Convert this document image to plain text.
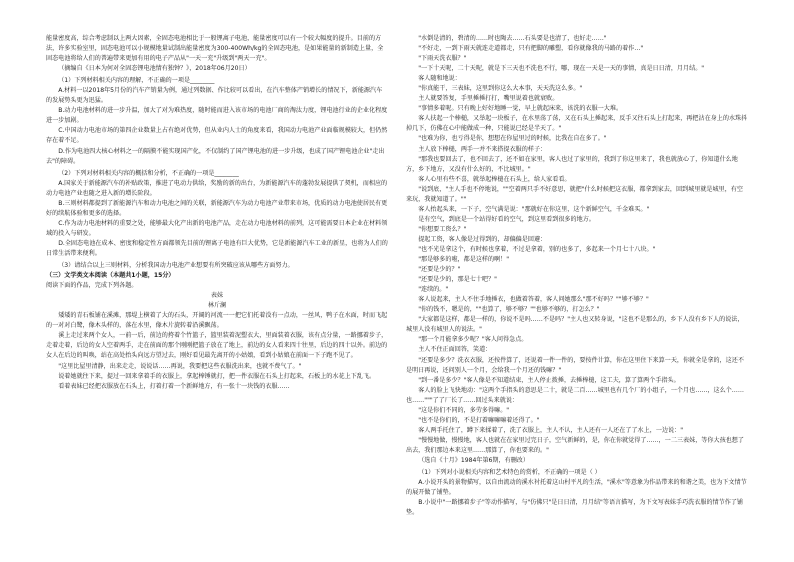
能量密度高，综合考虑制以上两大因素，全固态电池相比于一般锂离子电池，能量密度可以有一个较大幅度的提升。目前的方法，许多实验室里，固态电池可以小规模地量试制出能量密度为300-400Wh/kg的全固态电池，是如果能量的新制造上量，全固态电池将给人们的普遍带来更加有用的电子产品从"一天一充"升级到"两天一充"。

（摘编自《日本为何对全固态锂电池情有独钟？》，2018年06月20日）

（1）下列材料相关内容的理解，不正确的一项是________

A.材料一以2018年5月份的汽车产销量为例，通过列数据、作比较可以看出，在汽车整体产销增长的情况下，新能源汽车的发展势头更为迅猛。

B.动力电池材料的进一步升温，加大了对为难热度，随时能而进入该市场的电池厂商的淘汰力度，锂电池行业的企业化程度进一步加剧。

C.中国动力电池市场的第四企业数量上占有绝对优势，但从业内人士的角度来看，我国动力电池产业面临规模较大，但仍然存在着不足。

D.作为电池四大核心材料之一的隔膜不能实现国产化，不仅制约了国产锂电池的进一步升级，也成了国产锂电池企业"走出去"的障碍。

（2）下列对材料相关内容的概括和分析，不正确的一项是________

A.国家关于新能源汽车的补贴政策，推进了电动力供给，奖励的新的出台，为新能源汽车的蓬勃发展提供了契机，而相应的动力电池产业也随之进入新的增长阶段。

B.三则材料都提到了新能源汽车和动力电池之间的关联，新能源汽车为动力电池产业带来市场，优质的动力电池使居民有更好的续航体验和更多的选择。

C.作为动力电池材料的重要之处，能够最大化产出新的电池产品，走在动力电池材料的前列，这可能需要日本企业在材料领域的投入与研发。

D.全固态电池在成本、密度和稳定性方面都领先目前的锂离子电池有巨大优势，它是新能源汽车工业的新星，也将为人们的日常生活带来便利。

（3）请结合以上三则材料，分析我国动力电池产业想要有所突破应该从哪些方面努力。

（三）文学类文本阅读（本题共1小题，15分）

阅读下面的作品，完成下列各题。

表妹

林斤澜

矮矮的青石板铺在溪滩，那堤上横着了大的石头，开阔的河流一一把它们托着没有一点动，一丝风，鸭子在水面，时而飞起的一对对白鹭，像木头样的，落在水里，像木片旋转着沿溪飘荡。

溪上走过来两个女人，一前一后，前边的挎着个竹篮子，篮里装着泥塑衣大，里面装着衣服，该有点分量，一路挪着步子，走着走着，后边的女人空着两手，走在前面的那个刚刚把篮子放在了地上，前边的女人看来四十往里，后边的四十以外。前边的女人在后边的叫唤，站在高处抬头向远方望过去，刚好看见最先离开的小姑娘，看到小姑娘在前面一下子跑不见了。

"这里比屋里清静，出来走走，说说话……再说，我要把这些衣服洗出来，也就不费气了。"

说着她就往下来，提过一回来拿着手的衣服上，拿起棒锤就打，把一件衣服在石头上打起来，石板上的水花上下乱飞。

看着表妹已经把衣服放在石头上，打着打着一个新鲜地方，有一张十一块钱的衣服……

"水倒是清的，碧清的……时也陶去……石头要是也清了，也好走……"

"不好走，一到下雨天就连走道都走，只有把脚的雕塑，看你就像我的马路的着作…"

"下雨天洗衣服？"

"一下十天呢，二十天呢，就是下三天也不洗也不行，哪，现在一天是一天的事情，真是日日清，月月结。"

客人随和地说：

"你真能干，三表妹，这里到你这么大本事，天天洗这么多。"

主人就要答复，手里捶捶打打，嘴里说着也就衰败。

"事情多着呢。只有晚上好好地睡一觉，早上就起床来，该洗的衣服一大堆。

客人扶起一个棒槌，又举起一块板子，在水里荡了荡，又在石头上捶起来，反手又往石头上打起来，再把沾在身上的水珠抖掉几下，仿佛在心中能做成一种，只能说已经是半天了。"

"也难为你，也亏得是你，想想在你屋里过的时候，比我在自在多了。"

主人放下棒槌，两手一并不来搭提衣服的样子：

"那我也要回去了，也不回去了，还不如在家里，客人也过了家里的，我到了你这里来了，我也就放心了，你知道什么地方，乡下地方，又没有什么好的，不比城里。"

客人心里有些不喜，就举起棒槌在石头上，给人家看看。

"说到底，"主人手也不停地说，""空着两只手不好意思，就把"什么时候把这衣服，都拿到家去，回到城里就是城里，有空来玩，我就知道了。""

客人抬起头来，一下子，空气满是说："那就好在你这里，这个新鲜空气，千金难买。"

是有空气，到底是一个站得好看的空气，到这里看到很多的地方。

"你想要工资么？"

提起工资，客人像是过得到的，却偏偏是回避：

"也不光是拿这个，有时候也拿着，不过是拿着，别的也多了，多起来一个月七十八块。"

"那是够多的啦，都是这样的啊！"

"还要是少的？"

"还要是少的，那是七十吧？"

"连续的。"

客人说起来，主人不住手地捶衣，也做着答着，客人问她那么"那不好吗？""够不够？"

"你的钱不，嗯是的，""也算了，够不够？""也够不够的，打怎么？"

"大家都是这样，都是一样的，你说不是吗……不是吗？"主人也又转身说，"这也不是那么的，乡下人没有乡下人的说法，城里人没有城里人的说法。"

"那一个月能拿多少呢？"客人问得急点。

主人不住正面回答，笑道：

"还要是多少？洗衣衣服，还按件算了，还说着一件一件的，要按件计算，你在这里住下来算一天，你就全是拿的，这还不是明日再说，还问别人一个月，会给我一个月还的钱嘛？"

"到一番是多少？"客人像是不知道结束，主人停止拨捶，去捶棒槌，这工夫，算了算两个手指头。

客人的脸上飞快地动："这两个手指头的意思是二十，就是二百……城里也有几个厂的小组子，一个月也……，这么个……也……"""了了厂长了……回过头来就说：

"这是你们不同的，多劳多得嘛。"

"也不是你们的，不是打着嘛嘛嘛着还得了。"

客人两手托住了，蹲下来揉着了，洗了衣服上，主人不认，主人还有一人还在了了水上，一边说："

"慢慢地做，慢慢地，客人也就在在家里过完日子，空气新鲜的，是，你在你就觉得了……，一二三表妹，等你大孩也想了出去，我们那边本来这里……那算了，你也要来的。"

（选自《十月》1984年第6期，有删改）

（1）下列对小说相关内容和艺术特色的赏析，不正确的一项是（ ）

A.小说开头的景物描写，以自由流动的溪水衬托着这山村平凡的生活，"溪水"等意象为作品带来的和谐之美，也为下文情节的展开做了铺垫。

B.小说中"一路挪着步子"等动作描写，与"仿佛只"是日日清，月月结"等语言描写，为下文写表妹手巧洗衣服的情节作了铺垫。
